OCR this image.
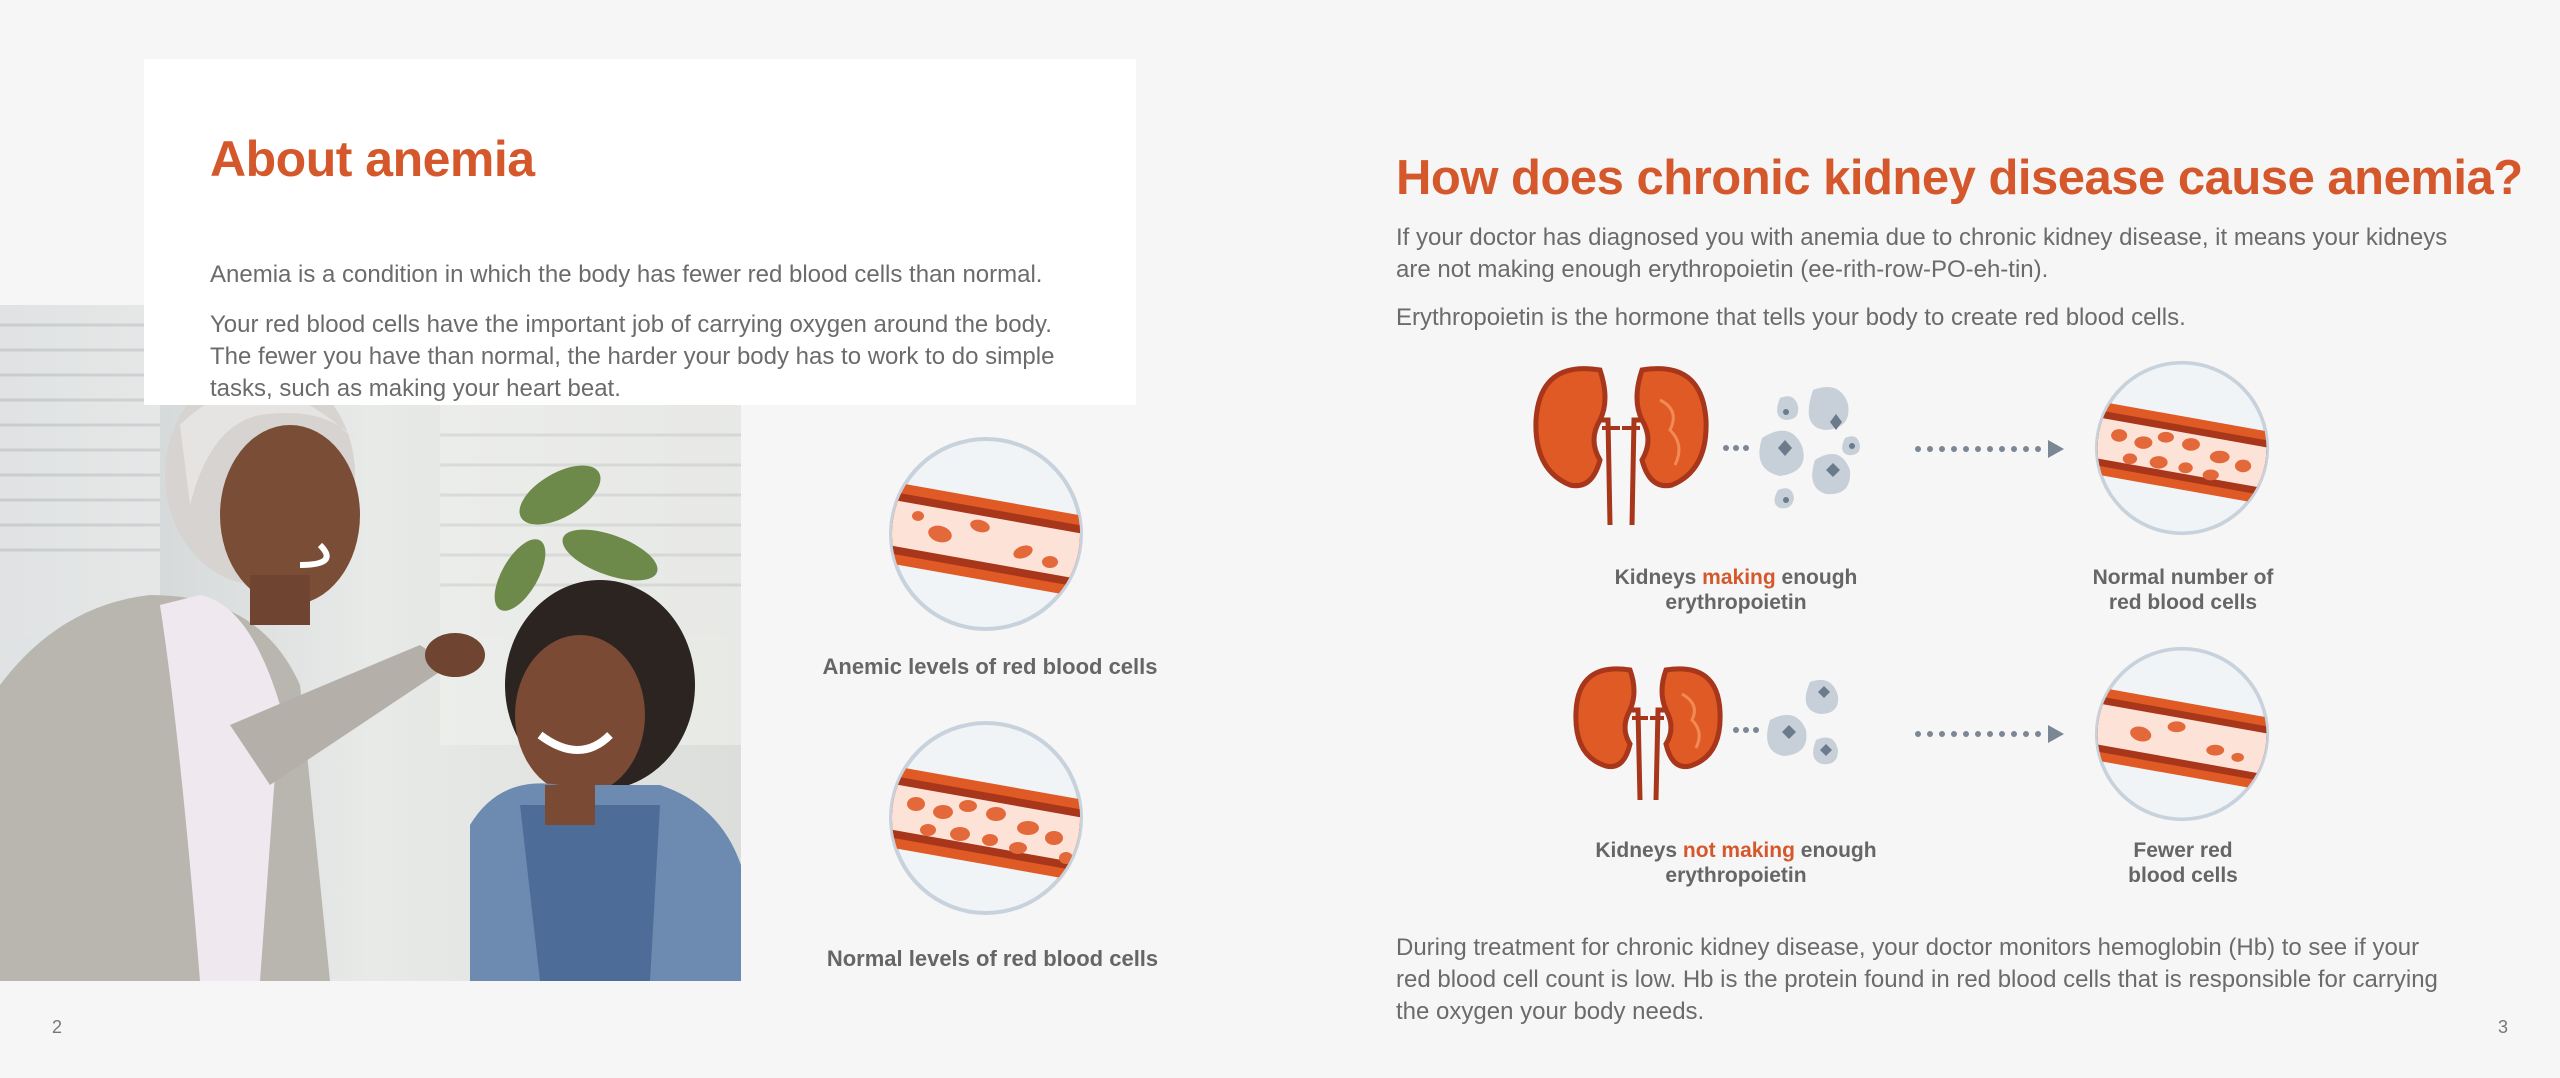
About anemia

Anemia is a condition in which the body has fewer red blood cells than normal.

Your red blood cells have the important job of carrying oxygen around the body. The fewer you have than normal, the harder your body has to work to do simple tasks, such as making your heart beat.

Anemic levels of red blood cells

Normal levels of red blood cells

2

How does chronic kidney disease cause anemia?

If your doctor has diagnosed you with anemia due to chronic kidney disease, it means your kidneys are not making enough erythropoietin (ee-rith-row-PO-eh-tin).

Erythropoietin is the hormone that tells your body to create red blood cells.

Kidneys making enough
erythropoietin

Normal number of
red blood cells

Kidneys not making enough
erythropoietin

Fewer red
blood cells

During treatment for chronic kidney disease, your doctor monitors hemoglobin (Hb) to see if your red blood cell count is low. Hb is the protein found in red blood cells that is responsible for carrying the oxygen your body needs.

3
